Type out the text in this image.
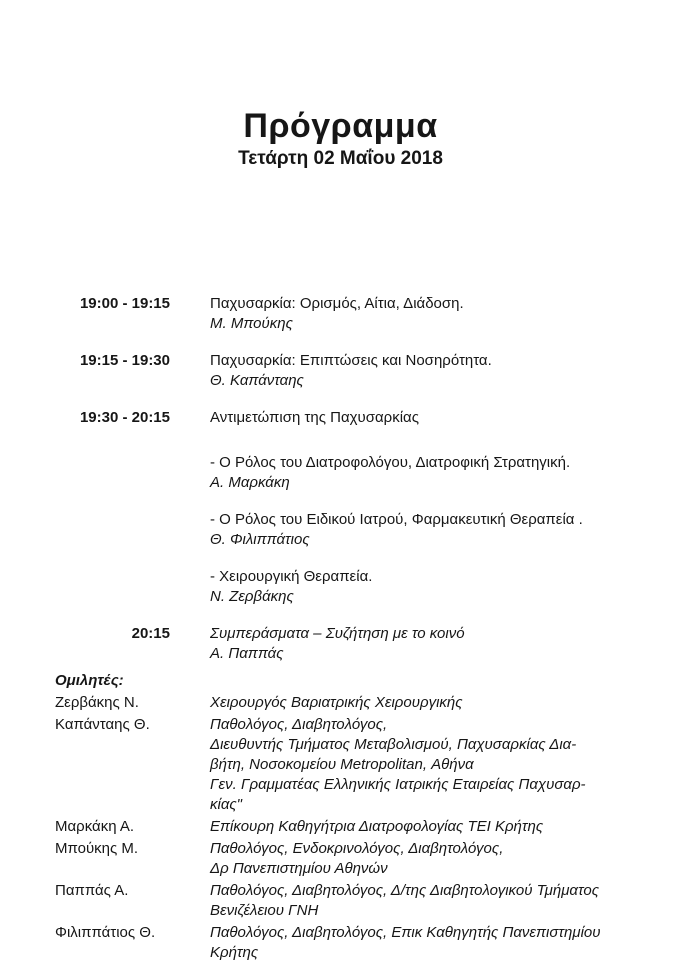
Πρόγραμμα
Τετάρτη 02 Μαΐου 2018
19:00 - 19:15	Παχυσαρκία: Ορισμός, Αίτια, Διάδοση.
Μ. Μπούκης
19:15 - 19:30	Παχυσαρκία: Επιπτώσεις και Νοσηρότητα.
Θ. Καπάνταης
19:30 - 20:15	Αντιμετώπιση της Παχυσαρκίας
- Ο Ρόλος του Διατροφολόγου, Διατροφική Στρατηγική.
Α. Μαρκάκη
- Ο Ρόλος του Ειδικού Ιατρού, Φαρμακευτική Θεραπεία .
Θ. Φιλιππάτιος
- Χειρουργική Θεραπεία.
Ν. Ζερβάκης
20:15	Συμπεράσματα – Συζήτηση με το κοινό
Α. Παππάς
Ομιλητές:
Ζερβάκης Ν.	Χειρουργός Βαριατρικής Χειρουργικής
Καπάνταης Θ.	Παθολόγος, Διαβητολόγος,
Διευθυντής Τμήματος Μεταβολισμού, Παχυσαρκίας Δια-
βήτη, Νοσοκομείου Metropolitan, Αθήνα
Γεν. Γραμματέας Ελληνικής Ιατρικής Εταιρείας Παχυσαρ-
κίας"
Μαρκάκη Α.	Επίκουρη Καθηγήτρια Διατροφολογίας ΤΕΙ Κρήτης
Μπούκης Μ.	Παθολόγος, Ενδοκρινολόγος, Διαβητολόγος,
Δρ Πανεπιστημίου Αθηνών
Παππάς Α.	Παθολόγος, Διαβητολόγος, Δ/της Διαβητολογικού Τμήματος
Βενιζέλειου ΓΝΗ
Φιλιππάτιος Θ.	Παθολόγος, Διαβητολόγος, Επικ Καθηγητής Πανεπιστημίου
Κρήτης
